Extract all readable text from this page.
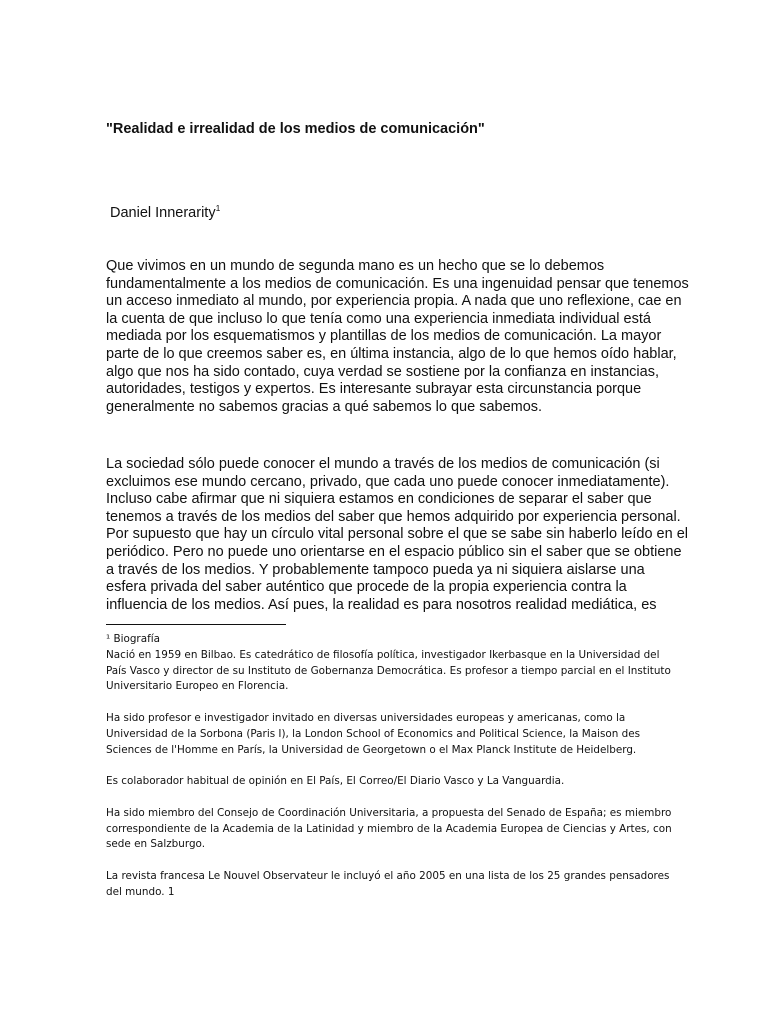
"Realidad e irrealidad de los medios de comunicación"
Daniel Innerarity$^1$
Que vivimos en un mundo de segunda mano es un hecho que se lo debemos
fundamentalmente a los medios de comunicación. Es una ingenuidad pensar que tenemos
un acceso inmediato al mundo, por experiencia propia. A nada que uno reflexione, cae en
la cuenta de que incluso lo que tenía como una experiencia inmediata individual está
mediada por los esquematismos y plantillas de los medios de comunicación. La mayor
parte de lo que creemos saber es, en última instancia, algo de lo que hemos oído hablar,
algo que nos ha sido contado, cuya verdad se sostiene por la confianza en instancias,
autoridades, testigos y expertos. Es interesante subrayar esta circunstancia porque
generalmente no sabemos gracias a qué sabemos lo que sabemos.
La sociedad sólo puede conocer el mundo a través de los medios de comunicación (si
excluimos ese mundo cercano, privado, que cada uno puede conocer inmediatamente).
Incluso cabe afirmar que ni siquiera estamos en condiciones de separar el saber que
tenemos a través de los medios del saber que hemos adquirido por experiencia personal.
Por supuesto que hay un círculo vital personal sobre el que se sabe sin haberlo leído en el
periódico. Pero no puede uno orientarse en el espacio público sin el saber que se obtiene
a través de los medios. Y probablemente tampoco pueda ya ni siquiera aislarse una
esfera privada del saber auténtico que procede de la propia experiencia contra la
influencia de los medios. Así pues, la realidad es para nosotros realidad mediática, es
¹ Biografía
Nació en 1959 en Bilbao. Es catedrático de filosofía política, investigador Ikerbasque en la Universidad del
País Vasco y director de su Instituto de Gobernanza Democrática. Es profesor a tiempo parcial en el Instituto
Universitario Europeo en Florencia.
Ha sido profesor e investigador invitado en diversas universidades europeas y americanas, como la
Universidad de la Sorbona (Paris I), la London School of Economics and Political Science, la Maison des
Sciences de l'Homme en París, la Universidad de Georgetown o el Max Planck Institute de Heidelberg.
Es colaborador habitual de opinión en El País, El Correo/El Diario Vasco y La Vanguardia.
Ha sido miembro del Consejo de Coordinación Universitaria, a propuesta del Senado de España; es miembro
correspondiente de la Academia de la Latinidad y miembro de la Academia Europea de Ciencias y Artes, con
sede en Salzburgo.
La revista francesa Le Nouvel Observateur le incluyó el año 2005 en una lista de los 25 grandes pensadores
del mundo. 1
